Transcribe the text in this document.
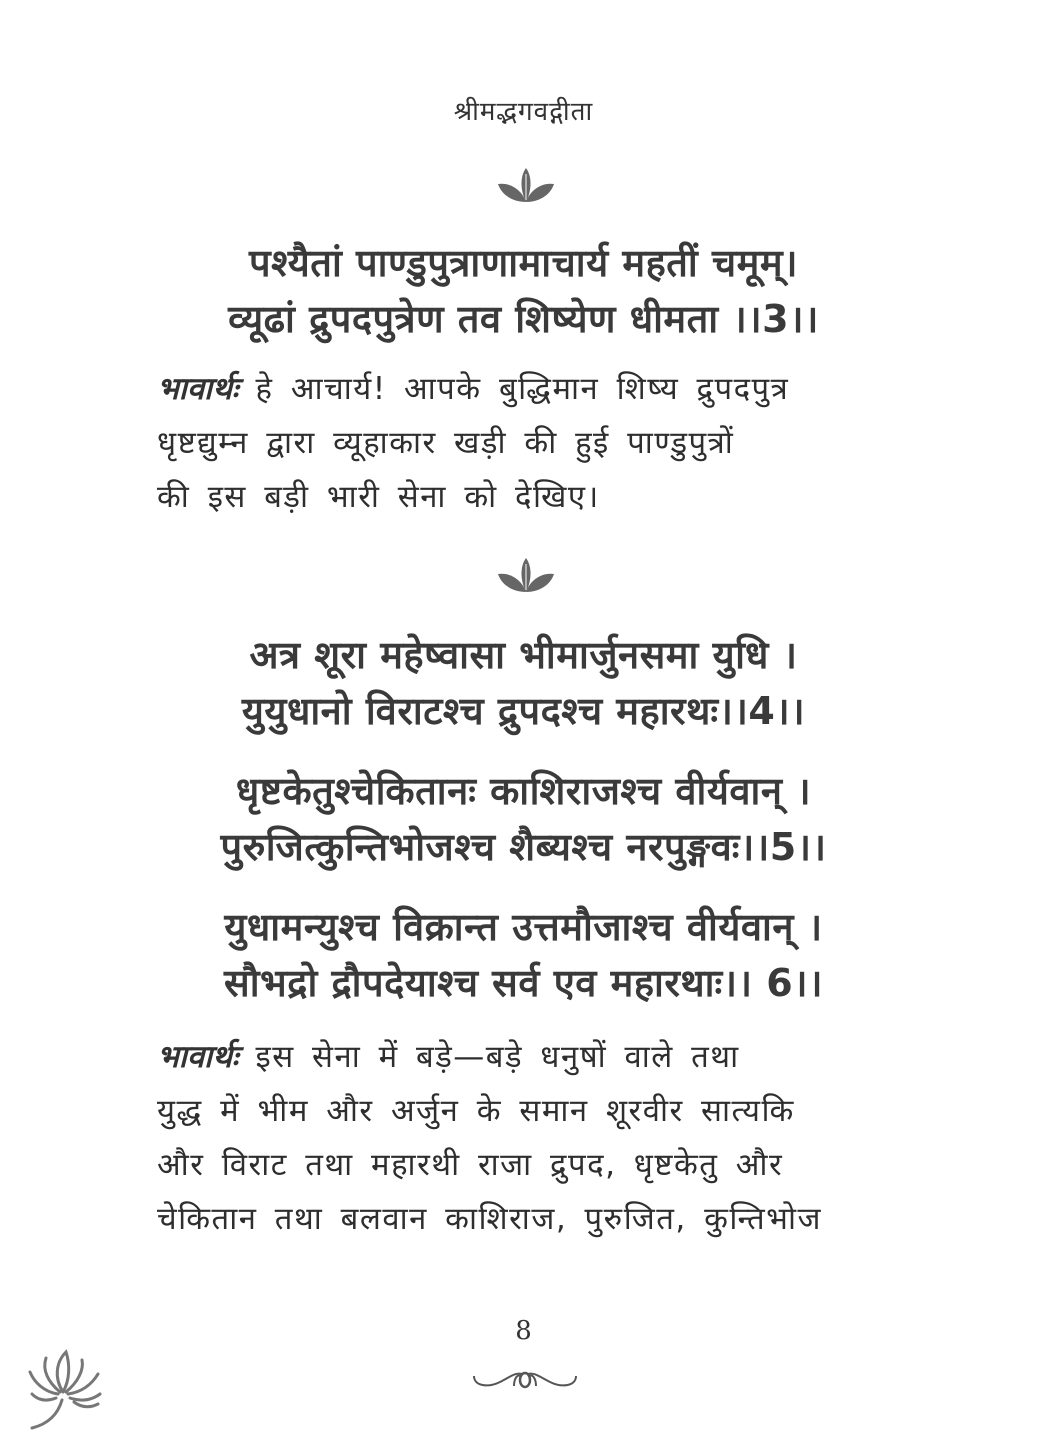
श्रीमद्भगवद्गीता
पश्यैतां पाण्डुपुत्राणामाचार्य महतीं चमूम्।
व्यूढां द्रुपदपुत्रेण तव शिष्येण धीमता ।।3।।
भावार्थः हे आचार्य! आपके बुद्धिमान शिष्य द्रुपदपुत्र
धृष्टद्युम्न द्वारा व्यूहाकार खड़ी की हुई पाण्डुपुत्रों
की इस बड़ी भारी सेना को देखिए।
अत्र शूरा महेष्वासा भीमार्जुनसमा युधि ।
युयुधानो विराटश्च द्रुपदश्च महारथः।।4।।
धृष्टकेतुश्चेकितानः काशिराजश्च वीर्यवान् ।
पुरुजित्कुन्तिभोजश्च शैब्यश्च नरपुङ्गवः।।5।।
युधामन्युश्च विक्रान्त उत्तमौजाश्च वीर्यवान् ।
सौभद्रो द्रौपदेयाश्च सर्व एव महारथाः।। 6।।
भावार्थः इस सेना में बड़े—बड़े धनुषों वाले तथा
युद्ध में भीम और अर्जुन के समान शूरवीर सात्यकि
और विराट तथा महारथी राजा द्रुपद, धृष्टकेतु और
चेकितान तथा बलवान काशिराज, पुरुजित, कुन्तिभोज
8
